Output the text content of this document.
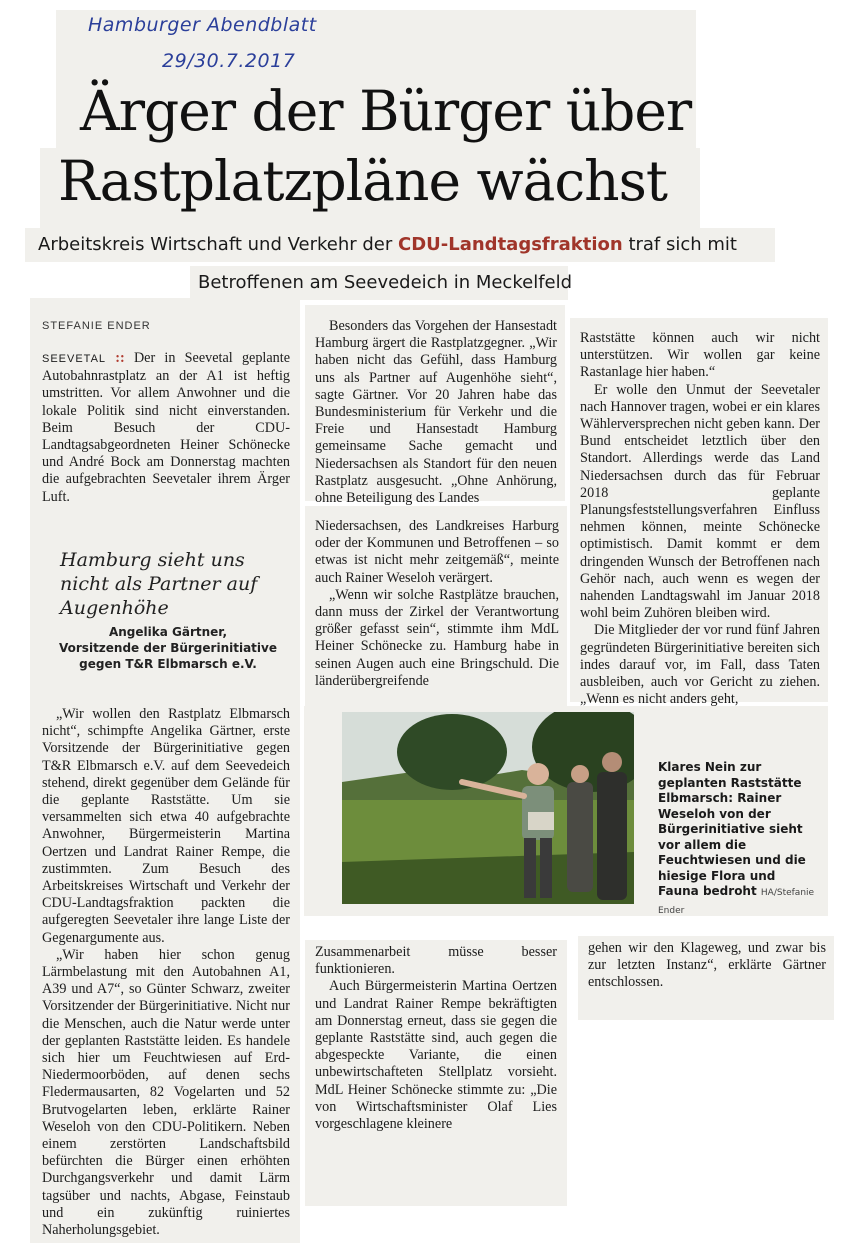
Hamburger Abendblatt
29/30.7.2017
Ärger der Bürger über
Rastplatzpläne wächst
Arbeitskreis Wirtschaft und Verkehr der CDU-Landtagsfraktion traf sich mit
Betroffenen am Seevedeich in Meckelfeld
STEFANIE ENDER

SEEVETAL :: Der in Seevetal geplante Autobahnrastplatz an der A1 ist heftig umstritten. Vor allem Anwohner und die lokale Politik sind nicht einverstanden. Beim Besuch der CDU-Landtagsabgeordneten Heiner Schönecke und André Bock am Donnerstag machten die aufgebrachten Seevetaler ihrem Ärger Luft.

Hamburg sieht uns nicht als Partner auf Augenhöhe
Angelika Gärtner,
Vorsitzende der Bürgerinitiative gegen T&R Elbmarsch e.V.

„Wir wollen den Rastplatz Elbmarsch nicht“, schimpfte Angelika Gärtner, erste Vorsitzende der Bürgerinitiative gegen T&R Elbmarsch e.V. auf dem Seevedeich stehend, direkt gegenüber dem Gelände für die geplante Raststätte. Um sie versammelten sich etwa 40 aufgebrachte Anwohner, Bürgermeisterin Martina Oertzen und Landrat Rainer Rempe, die zustimmten. Zum Besuch des Arbeitskreises Wirtschaft und Verkehr der CDU-Landtagsfraktion packten die aufgeregten Seevetaler ihre lange Liste der Gegenargumente aus.

„Wir haben hier schon genug Lärmbelastung mit den Autobahnen A1, A39 und A7“, so Günter Schwarz, zweiter Vorsitzender der Bürgerinitiative. Nicht nur die Menschen, auch die Natur werde unter der geplanten Raststätte leiden. Es handele sich hier um Feuchtwiesen auf Erd-Niedermoorböden, auf denen sechs Fledermausarten, 82 Vogelarten und 52 Brutvogelarten leben, erklärte Rainer Weseloh von den CDU-Politikern. Neben einem zerstörten Landschaftsbild befürchten die Bürger einen erhöhten Durchgangsverkehr und damit Lärm tagsüber und nachts, Abgase, Feinstaub und ein zukünftig ruiniertes Naherholungsgebiet.

Besonders das Vorgehen der Hansestadt Hamburg ärgert die Rastplatzgegner. „Wir haben nicht das Gefühl, dass Hamburg uns als Partner auf Augenhöhe sieht“, sagte Gärtner. Vor 20 Jahren habe das Bundesministerium für Verkehr und die Freie und Hansestadt Hamburg gemeinsame Sache gemacht und Niedersachsen als Standort für den neuen Rastplatz ausgesucht. „Ohne Anhörung, ohne Beteiligung des Landes

Niedersachsen, des Landkreises Harburg oder der Kommunen und Betroffenen – so etwas ist nicht mehr zeitgemäß“, meinte auch Rainer Weseloh verärgert.

„Wenn wir solche Rastplätze brauchen, dann muss der Zirkel der Verantwortung größer gefasst sein“, stimmte ihm MdL Heiner Schönecke zu. Hamburg habe in seinen Augen auch eine Bringschuld. Die länderübergreifende

Raststätte können auch wir nicht unterstützen. Wir wollen gar keine Rastanlage hier haben.“

Er wolle den Unmut der Seevetaler nach Hannover tragen, wobei er ein klares Wählerversprechen nicht geben kann. Der Bund entscheidet letztlich über den Standort. Allerdings werde das Land Niedersachsen durch das für Februar 2018 geplante Planungsfeststellungsverfahren Einfluss nehmen können, meinte Schönecke optimistisch. Damit kommt er dem dringenden Wunsch der Betroffenen nach Gehör nach, auch wenn es wegen der nahenden Landtagswahl im Januar 2018 wohl beim Zuhören bleiben wird.

Die Mitglieder der vor rund fünf Jahren gegründeten Bürgerinitiative bereiten sich indes darauf vor, im Fall, dass Taten ausbleiben, auch vor Gericht zu ziehen. „Wenn es nicht anders geht,

Klares Nein zur geplanten Raststätte Elbmarsch: Rainer Weseloh von der Bürgerinitiative sieht vor allem die Feuchtwiesen und die hiesige Flora und Fauna bedroht HA/Stefanie Ender

Zusammenarbeit müsse besser funktionieren.

Auch Bürgermeisterin Martina Oertzen und Landrat Rainer Rempe bekräftigten am Donnerstag erneut, dass sie gegen die geplante Raststätte sind, auch gegen die abgespeckte Variante, die einen unbewirtschafteten Stellplatz vorsieht. MdL Heiner Schönecke stimmte zu: „Die von Wirtschaftsminister Olaf Lies vorgeschlagene kleinere

gehen wir den Klageweg, und zwar bis zur letzten Instanz“, erklärte Gärtner entschlossen.
